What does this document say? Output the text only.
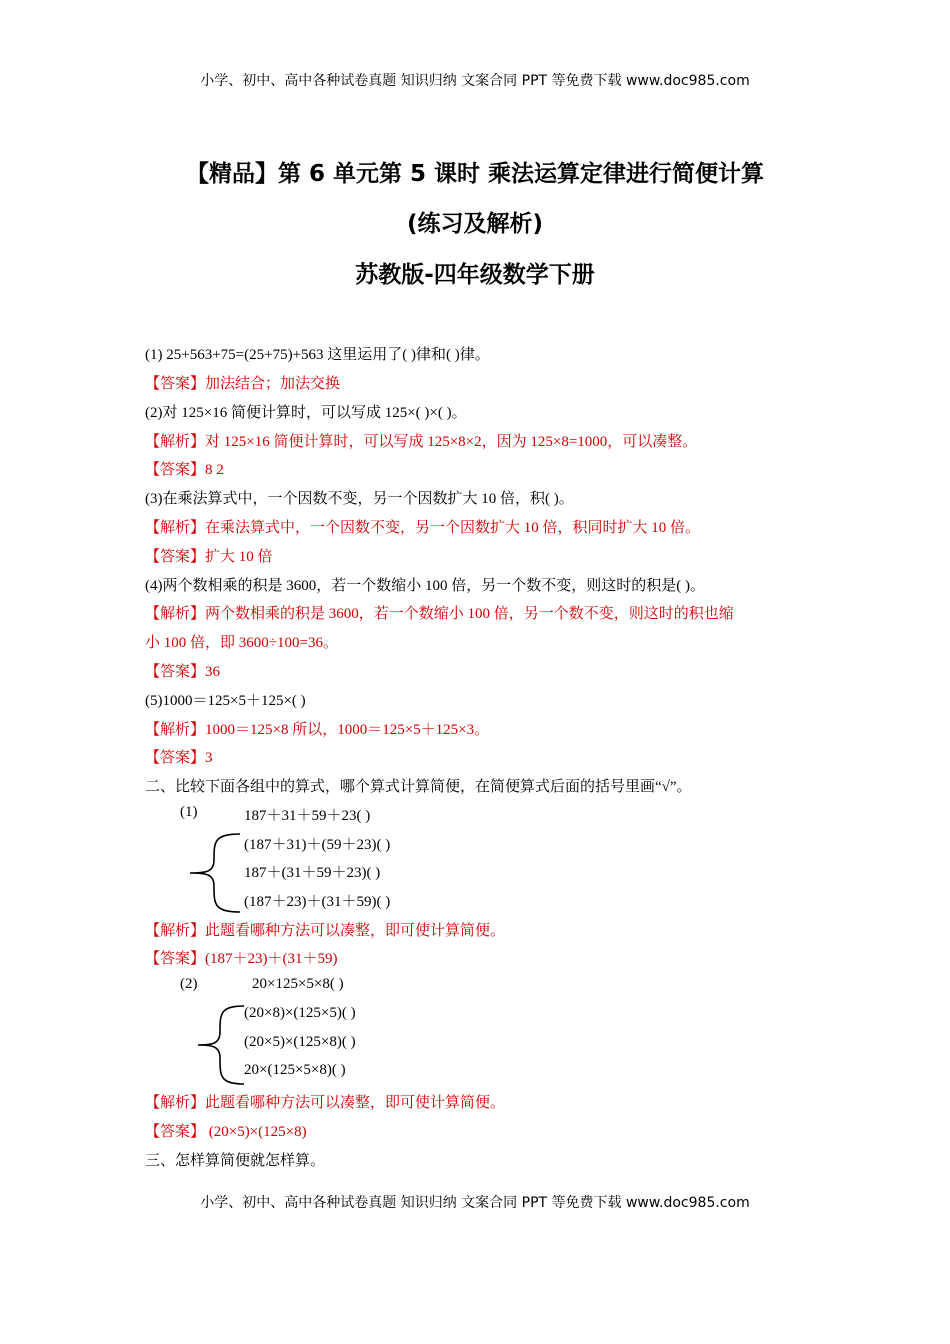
小学、初中、高中各种试卷真题 知识归纳 文案合同 PPT 等免费下载 www.doc985.com
【精品】第 6 单元第 5 课时 乘法运算定律进行简便计算
(练习及解析)
苏教版-四年级数学下册
(1) 25+563+75=(25+75)+563 这里运用了( )律和( )律。
【答案】加法结合；加法交换
(2)对 125×16 简便计算时，可以写成 125×( )×( )。
【解析】对 125×16 简便计算时，可以写成 125×8×2，因为 125×8=1000，可以凑整。
【答案】8 2
(3)在乘法算式中，一个因数不变，另一个因数扩大 10 倍，积( )。
【解析】在乘法算式中，一个因数不变，另一个因数扩大 10 倍，积同时扩大 10 倍。
【答案】扩大 10 倍
(4)两个数相乘的积是 3600，若一个数缩小 100 倍，另一个数不变，则这时的积是( )。
【解析】两个数相乘的积是 3600，若一个数缩小 100 倍，另一个数不变，则这时的积也缩
小 100 倍，即 3600÷100=36。
【答案】36
(5)1000＝125×5＋125×( )
【解析】1000＝125×8 所以，1000＝125×5＋125×3。
【答案】3
二、比较下面各组中的算式，哪个算式计算简便，在简便算式后面的括号里画“√”。
(1)	187＋31＋59＋23( )
(187＋31)＋(59＋23)( )
187＋(31＋59＋23)( )
(187＋23)＋(31＋59)( )
【解析】此题看哪种方法可以凑整，即可使计算简便。
【答案】(187＋23)＋(31＋59)
(2)	20×125×5×8( )
(20×8)×(125×5)( )
(20×5)×(125×8)( )
20×(125×5×8)( )
【解析】此题看哪种方法可以凑整，即可使计算简便。
【答案】 (20×5)×(125×8)
三、怎样算简便就怎样算。
小学、初中、高中各种试卷真题 知识归纳 文案合同 PPT 等免费下载 www.doc985.com
